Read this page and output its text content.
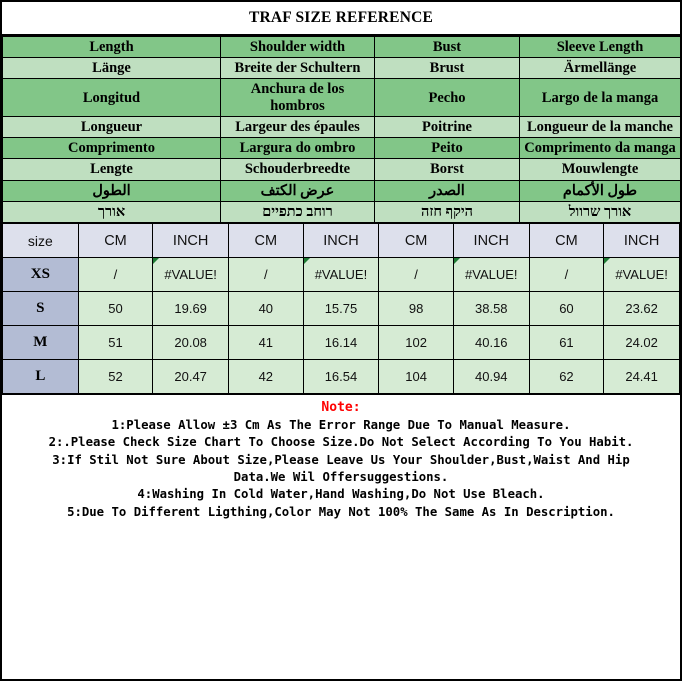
TRAF SIZE REFERENCE
Length	Shoulder width	Bust	Sleeve Length
Länge	Breite der Schultern	Brust	Ärmellänge
Longitud	Anchura de los hombros	Pecho	Largo de la manga
Longueur	Largeur des épaules	Poitrine	Longueur de la manche
Comprimento	Largura do ombro	Peito	Comprimento da manga
Lengte	Schouderbreedte	Borst	Mouwlengte
الطول	عرض الكتف	الصدر	طول الأكمام
אורך	רוחב כתפיים	היקף חזה	אורך שרוול
size	CM	INCH	CM	INCH	CM	INCH	CM	INCH
XS	/	#VALUE!	/	#VALUE!	/	#VALUE!	/	#VALUE!

S	50	19.69	40	15.75	98	38.58	60	23.62
M	51	20.08	41	16.14	102	40.16	61	24.02
L	52	20.47	42	16.54	104	40.94	62	24.41
Note:
1:Please Allow ±3 Cm As The Error Range Due To Manual Measure.
2:.Please Check Size Chart To Choose Size.Do Not Select According To You Habit.
3:If Stil Not Sure About Size,Please Leave Us Your Shoulder,Bust,Waist And Hip
Data.We Wil Offersuggestions.
4:Washing In Cold Water,Hand Washing,Do Not Use Bleach.
5:Due To Different Ligthing,Color May Not 100% The Same As In Description.
